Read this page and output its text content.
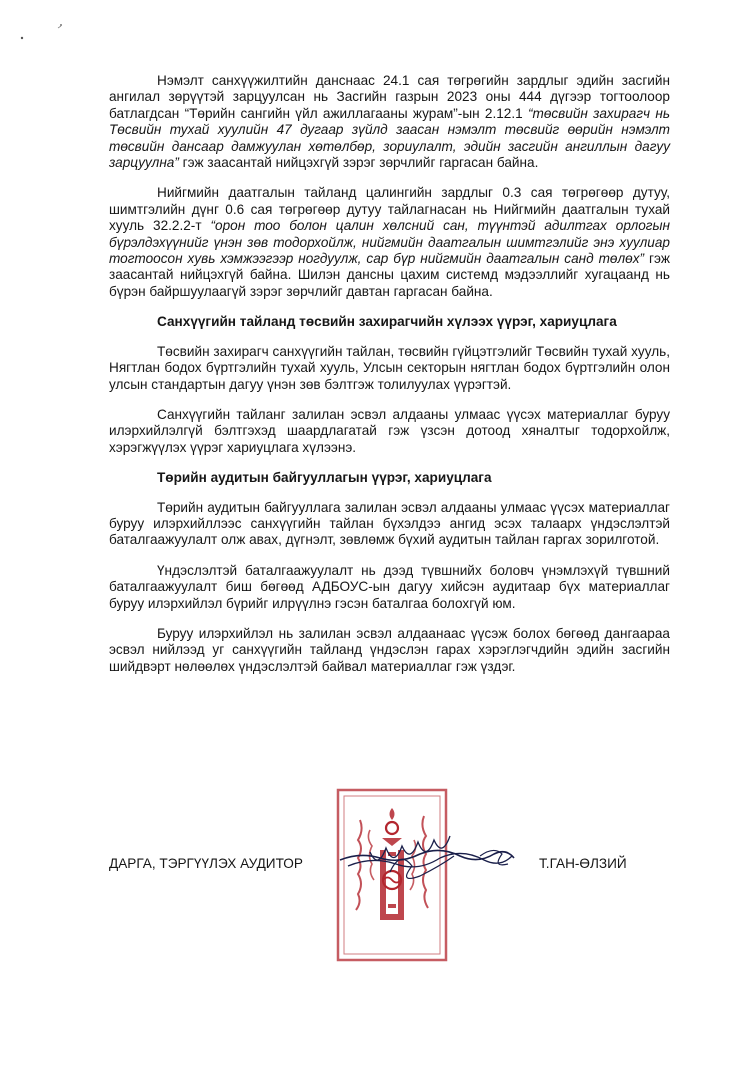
Нэмэлт санхүүжилтийн данснаас 24.1 сая төгрөгийн зардлыг эдийн засгийн ангилал зөрүүтэй зарцуулсан нь Засгийн газрын 2023 оны 444 дүгээр тогтоолоор батлагдсан “Төрийн сангийн үйл ажиллагааны журам”-ын 2.12.1 “төсвийн захирагч нь Төсвийн тухай хуулийн 47 дугаар зүйлд заасан нэмэлт төсвийг өөрийн нэмэлт төсвийн дансаар дамжуулан хөтөлбөр, зориулалт, эдийн засгийн ангиллын дагуу зарцуулна” гэж заасантай нийцэхгүй зэрэг зөрчлийг гаргасан байна.

Нийгмийн даатгалын тайланд цалингийн зардлыг 0.3 сая төгрөгөөр дутуу, шимтгэлийн дүнг 0.6 сая төгрөгөөр дутуу тайлагнасан нь Нийгмийн даатгалын тухай хууль 32.2.2-т “орон тоо болон цалин хөлсний сан, түүнтэй адилтгах орлогын бүрэлдэхүүнийг үнэн зөв тодорхойлж, нийгмийн даатгалын шимтгэлийг энэ хуулиар тогтоосон хувь хэмжээгээр ногдуулж, сар бүр нийгмийн даатгалын санд төлөх” гэж заасантай нийцэхгүй байна. Шилэн дансны цахим системд мэдээллийг хугацаанд нь бүрэн байршуулаагүй зэрэг зөрчлийг давтан гаргасан байна.

Санхүүгийн тайланд төсвийн захирагчийн хүлээх үүрэг, хариуцлага

Төсвийн захирагч санхүүгийн тайлан, төсвийн гүйцэтгэлийг Төсвийн тухай хууль, Нягтлан бодох бүртгэлийн тухай хууль, Улсын секторын нягтлан бодох бүртгэлийн олон улсын стандартын дагуу үнэн зөв бэлтгэж толилуулах үүрэгтэй.

Санхүүгийн тайланг залилан эсвэл алдааны улмаас үүсэх материаллаг буруу илэрхийлэлгүй бэлтгэхэд шаардлагатай гэж үзсэн дотоод хяналтыг тодорхойлж, хэрэгжүүлэх үүрэг хариуцлага хүлээнэ.

Төрийн аудитын байгууллагын үүрэг, хариуцлага

Төрийн аудитын байгууллага залилан эсвэл алдааны улмаас үүсэх материаллаг буруу илэрхийллээс санхүүгийн тайлан бүхэлдээ ангид эсэх талаарх үндэслэлтэй баталгаажуулалт олж авах, дүгнэлт, зөвлөмж бүхий аудитын тайлан гаргах зорилготой.

Үндэслэлтэй баталгаажуулалт нь дээд түвшнийх боловч үнэмлэхүй түвшний баталгаажуулалт биш бөгөөд АДБОУС-ын дагуу хийсэн аудитаар бүх материаллаг буруу илэрхийлэл бүрийг илрүүлнэ гэсэн баталгаа болохгүй юм.

Буруу илэрхийлэл нь залилан эсвэл алдаанаас үүсэж болох бөгөөд дангаараа эсвэл нийлээд уг санхүүгийн тайланд үндэслэн гарах хэрэглэгчдийн эдийн засгийн шийдвэрт нөлөөлөх үндэслэлтэй байвал материаллаг гэж үздэг.

ДАРГА, ТЭРГҮҮЛЭХ АУДИТОР	Т.ГАН-ӨЛЗИЙ
